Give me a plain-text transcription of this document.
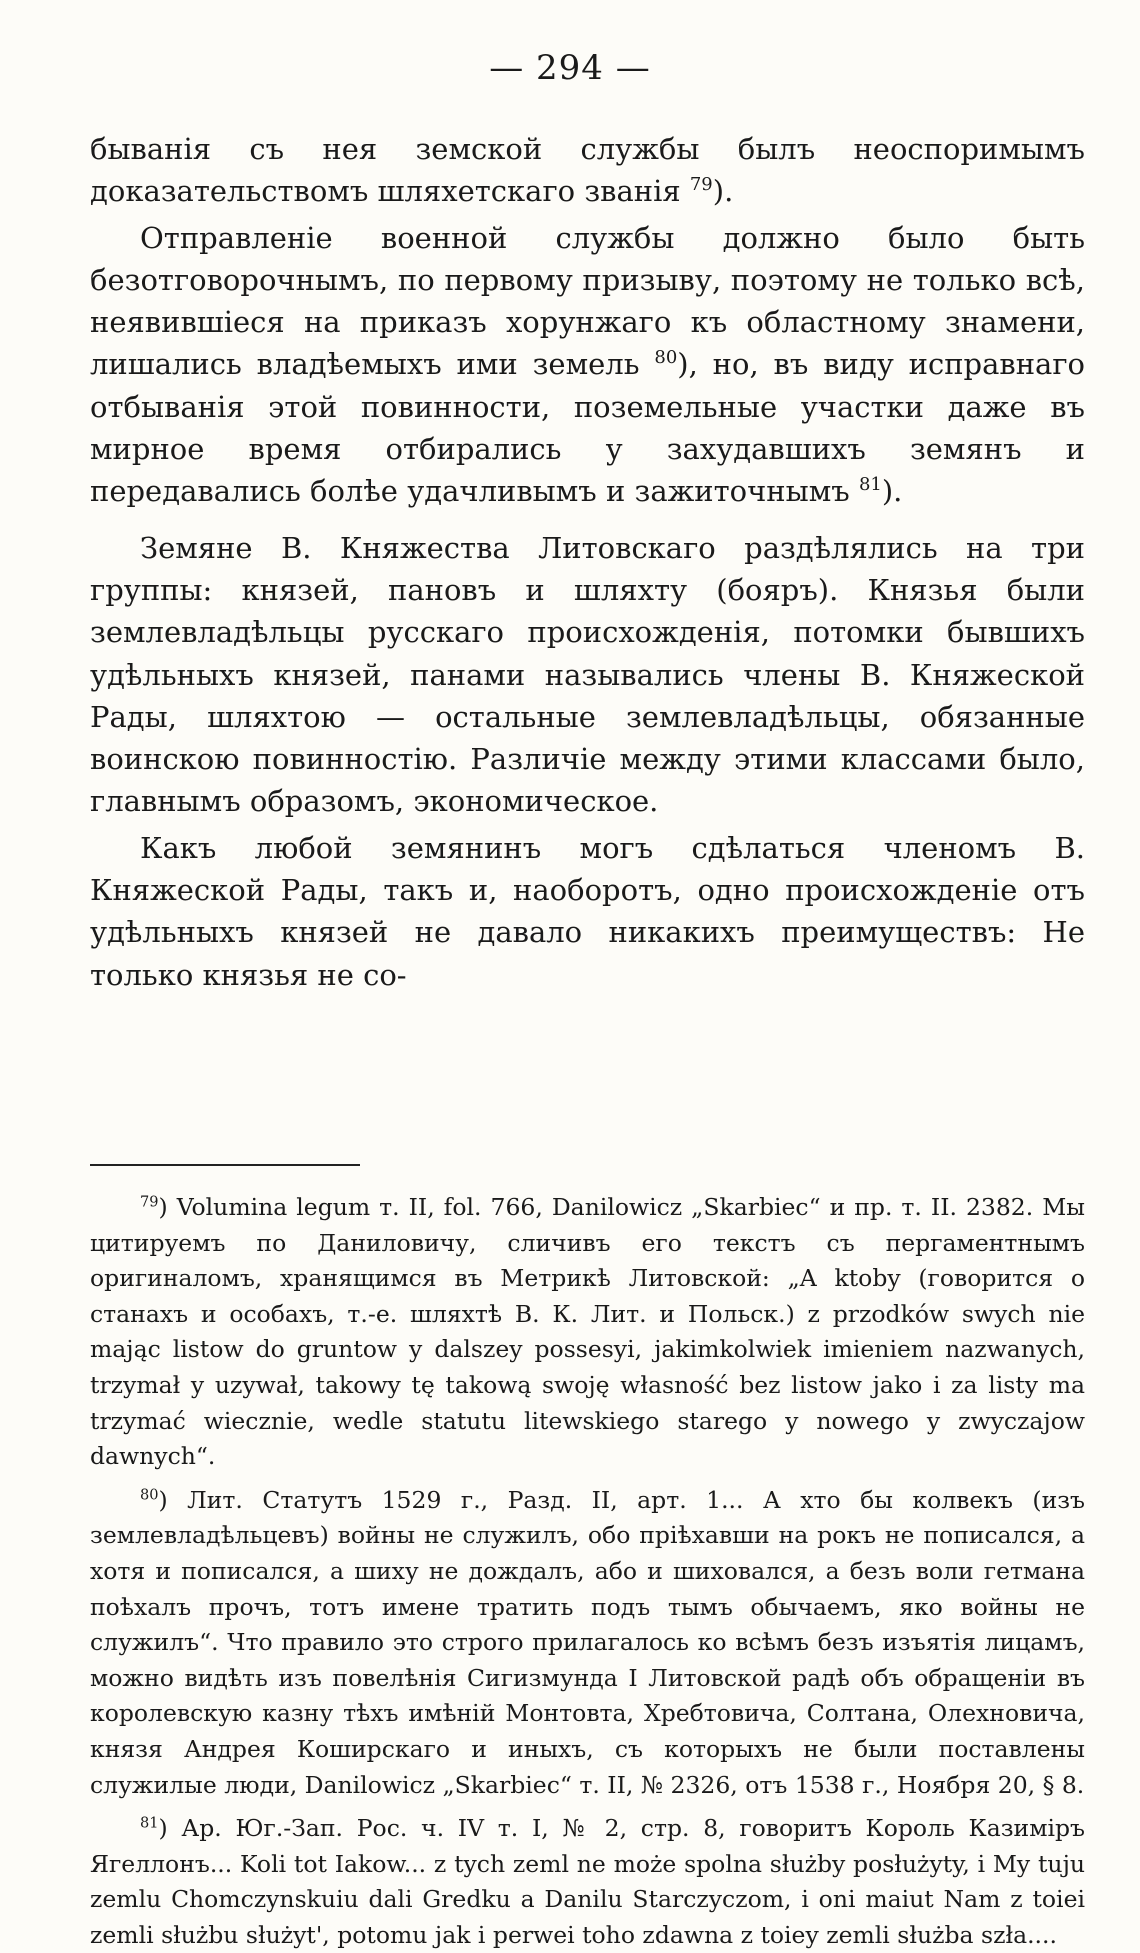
— 294 —

быванія съ нея земской службы былъ неоспоримымъ доказательствомъ шляхетскаго званія $^{79}$).

Отправленіе военной службы должно было быть безотговорочнымъ, по первому призыву, поэтому не только всѣ, неявившіеся на приказъ хорунжаго къ областному знамени, лишались владѣемыхъ ими земель $^{80}$), но, въ виду исправнаго отбыванія этой повинности, поземельные участки даже въ мирное время отбирались у захудавшихъ земянъ и передавались болѣе удачливымъ и зажиточнымъ $^{81}$).

Земяне В. Княжества Литовскаго раздѣлялись на три группы: князей, пановъ и шляхту (бояръ). Князья были землевладѣльцы русскаго происхожденія, потомки бывшихъ удѣльныхъ князей, панами назывались члены В. Княжеской Рады, шляхтою — остальные землевладѣльцы, обязанные воинскою повинностію. Различіе между этими классами было, главнымъ образомъ, экономическое.

Какъ любой земянинъ могъ сдѣлаться членомъ В. Княжеской Рады, такъ и, наоборотъ, одно происхожденіе отъ удѣльныхъ князей не давало никакихъ преимуществъ: Не только князья не со-

$^{79}$) Volumina legum т. II, fol. 766, Danilowicz „Skarbiec“ и пр. т. II. 2382. Мы цитируемъ по Даниловичу, сличивъ его текстъ съ пергаментнымъ оригиналомъ, хранящимся въ Метрикѣ Литовской: „A ktoby (говорится о станахъ и особахъ, т.-е. шляхтѣ В. К. Лит. и Польск.) z przodków swych nie mając listow do gruntow y dalszey possesyi, jakimkolwiek imieniem nazwanych, trzymał y uzywał, takowy tę takową swoję własność bez listow jako i za listy ma trzymać wiecznie, wedle statutu litewskiego starego y nowego y zwyczajow dawnych“.

$^{80}$) Лит. Статутъ 1529 г., Разд. II, арт. 1... А хто бы колвекъ (изъ землевладѣльцевъ) войны не служилъ, обо пріѣхавши на рокъ не пописался, а хотя и пописался, а шиху не дождалъ, або и шиховался, а безъ воли гетмана поѣхалъ прочъ, тотъ имене тратить подъ тымъ обычаемъ, яко войны не служилъ“. Что правило это строго прилагалось ко всѣмъ безъ изъятія лицамъ, можно видѣть изъ повелѣнія Сигизмунда I Литовской радѣ объ обращеніи въ королевскую казну тѣхъ имѣній Монтовта, Хребтовича, Солтана, Олехновича, князя Андрея Коширскаго и иныхъ, съ которыхъ не были поставлены служилые люди, Danilowicz „Skarbiec“ т. II, № 2326, отъ 1538 г., Ноября 20, § 8.

$^{81}$) Ар. Юг.-Зап. Рос. ч. IV т. I, № 2, стр. 8, говоритъ Король Казиміръ Ягеллонъ... Koli tot Iakow... z tych zeml ne może spolna służby posłużyty, i My tuju zemlu Chomczynskuiu dali Gredku a Danilu Starczyczom, i oni maiut Nam z toiei zemli służbu służyt', potomu jak i perwei toho zdawna z toiey zemli służba szła....
